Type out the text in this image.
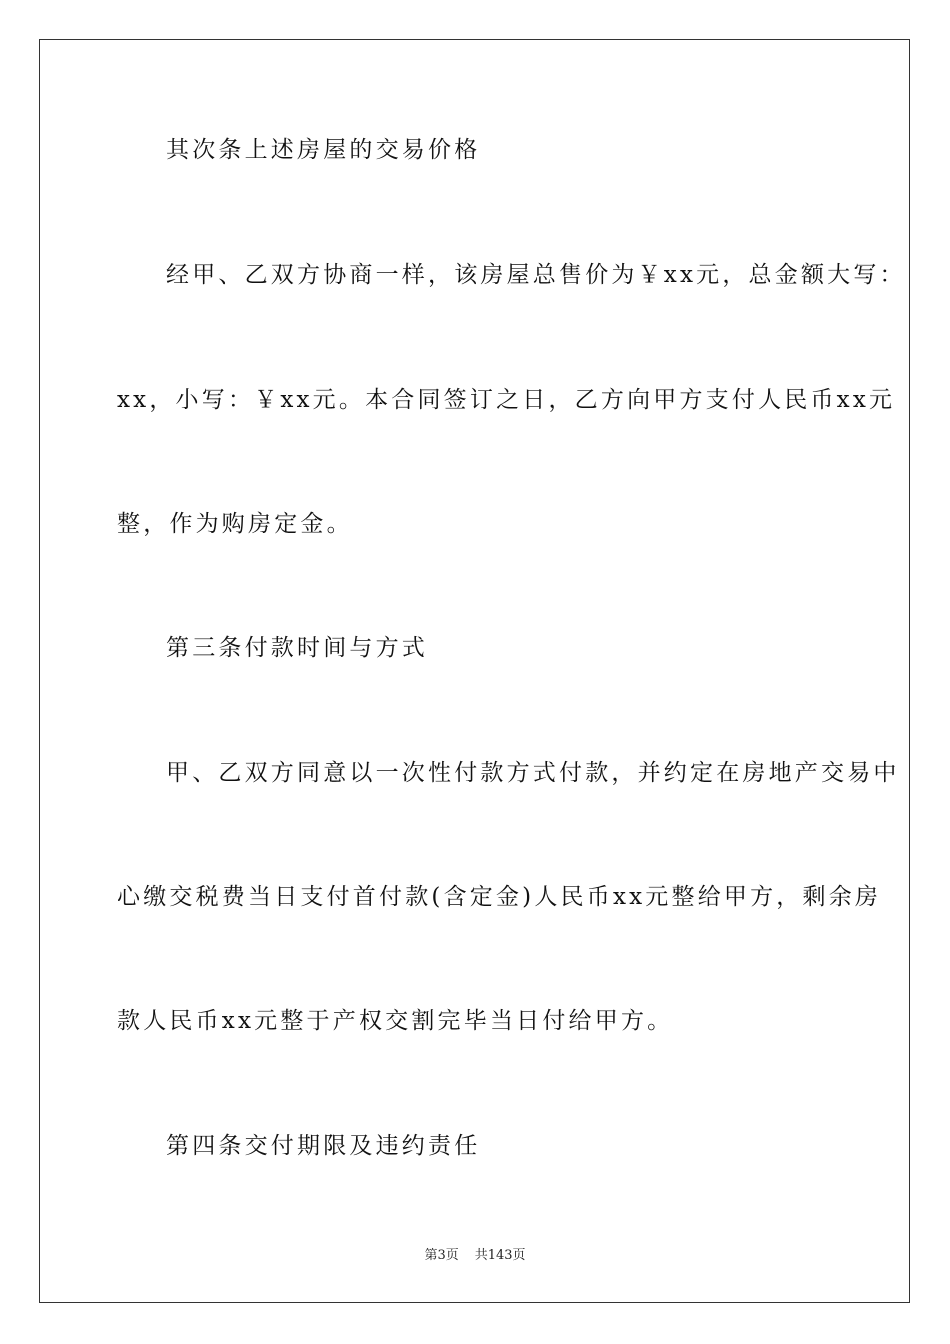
其次条上述房屋的交易价格
经甲、乙双方协商一样，该房屋总售价为￥xx元，总金额大写：
xx，小写：￥xx元。本合同签订之日，乙方向甲方支付人民币xx元
整，作为购房定金。
第三条付款时间与方式
甲、乙双方同意以一次性付款方式付款，并约定在房地产交易中
心缴交税费当日支付首付款(含定金)人民币xx元整给甲方，剩余房
款人民币xx元整于产权交割完毕当日付给甲方。
第四条交付期限及违约责任
第3页 共143页
